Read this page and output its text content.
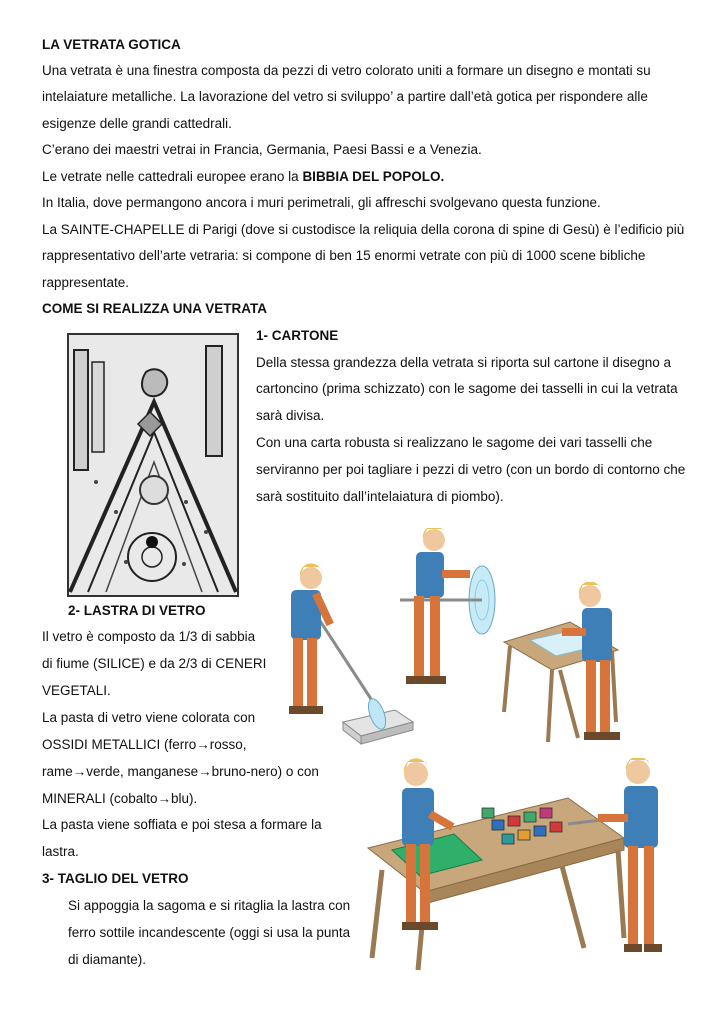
LA VETRATA GOTICA
Una vetrata è una finestra composta da pezzi di vetro colorato uniti a formare un disegno e montati su
intelaiature metalliche. La lavorazione del vetro si sviluppo’ a partire dall’età gotica per rispondere alle
esigenze delle grandi cattedrali.
C’erano dei maestri vetrai in Francia, Germania, Paesi Bassi e a Venezia.
Le vetrate nelle cattedrali europee erano la BIBBIA DEL POPOLO.
In Italia, dove permangono ancora i muri perimetrali, gli affreschi svolgevano questa funzione.
La SAINTE-CHAPELLE di Parigi (dove si custodisce la reliquia della corona di spine di Gesù) è l’edificio più
rappresentativo dell’arte vetraria: si compone di ben 15 enormi vetrate con più di 1000 scene bibliche
rappresentate.
COME SI REALIZZA UNA VETRATA
1- CARTONE
Della stessa grandezza della vetrata si riporta sul cartone il disegno a
cartoncino (prima schizzato) con le sagome dei tasselli in cui la vetrata
sarà divisa.
Con una carta robusta si realizzano le sagome dei vari tasselli che
serviranno per poi tagliare i pezzi di vetro (con un bordo di contorno che
sarà sostituito dall’intelaiatura di piombo).
2- LASTRA DI VETRO
Il vetro è composto da 1/3 di sabbia
di fiume (SILICE) e da 2/3 di CENERI
VEGETALI.
La pasta di vetro viene colorata con
OSSIDI METALLICI (ferro→rosso,
rame→verde, manganese→bruno-nero) o con
MINERALI (cobalto→blu).
La pasta viene soffiata e poi stesa a formare la
lastra.
3- TAGLIO DEL VETRO
Si appoggia la sagoma e si ritaglia la lastra con
ferro sottile incandescente (oggi si usa la punta
di diamante).
